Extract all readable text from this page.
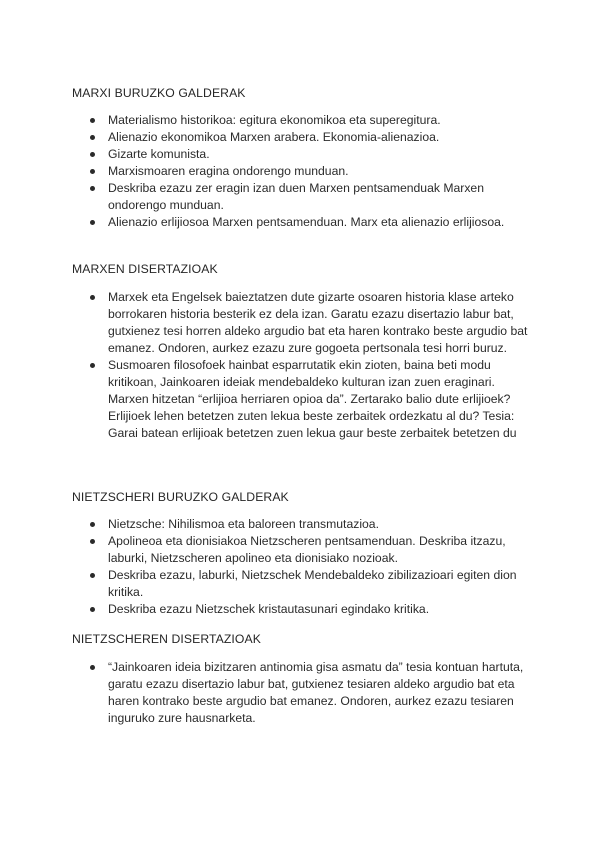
MARXI BURUZKO GALDERAK
Materialismo historikoa: egitura ekonomikoa eta superegitura.
Alienazio ekonomikoa Marxen arabera. Ekonomia-alienazioa.
Gizarte komunista.
Marxismoaren eragina ondorengo munduan.
Deskriba ezazu zer eragin izan duen Marxen pentsamenduak Marxen ondorengo munduan.
Alienazio erlijiosoa Marxen pentsamenduan. Marx eta alienazio erlijiosoa.
MARXEN DISERTAZIOAK
Marxek eta Engelsek baieztatzen dute gizarte osoaren historia klase arteko borrokaren historia besterik ez dela izan. Garatu ezazu disertazio labur bat, gutxienez tesi horren aldeko argudio bat eta haren kontrako beste argudio bat emanez. Ondoren, aurkez ezazu zure gogoeta pertsonala tesi horri buruz.
Susmoaren filosofoek hainbat esparrutatik ekin zioten, baina beti modu kritikoan, Jainkoaren ideiak mendebaldeko kulturan izan zuen eraginari. Marxen hitzetan “erlijioa herriaren opioa da”. Zertarako balio dute erlijioek? Erlijioek lehen betetzen zuten lekua beste zerbaitek ordezkatu al du? Tesia: Garai batean erlijioak betetzen zuen lekua gaur beste zerbaitek betetzen du
NIETZSCHERI BURUZKO GALDERAK
Nietzsche: Nihilismoa eta baloreen transmutazioa.
Apolineoa eta dionisiakoa Nietzscheren pentsamenduan. Deskriba itzazu, laburki, Nietzscheren apolineo eta dionisiako nozioak.
Deskriba ezazu, laburki, Nietzschek Mendebaldeko zibilizazioari egiten dion kritika.
Deskriba ezazu Nietzschek kristautasunari egindako kritika.
NIETZSCHEREN DISERTAZIOAK
“Jainkoaren ideia bizitzaren antinomia gisa asmatu da” tesia kontuan hartuta, garatu ezazu disertazio labur bat, gutxienez tesiaren aldeko argudio bat eta haren kontrako beste argudio bat emanez. Ondoren, aurkez ezazu tesiaren inguruko zure hausnarketa.
